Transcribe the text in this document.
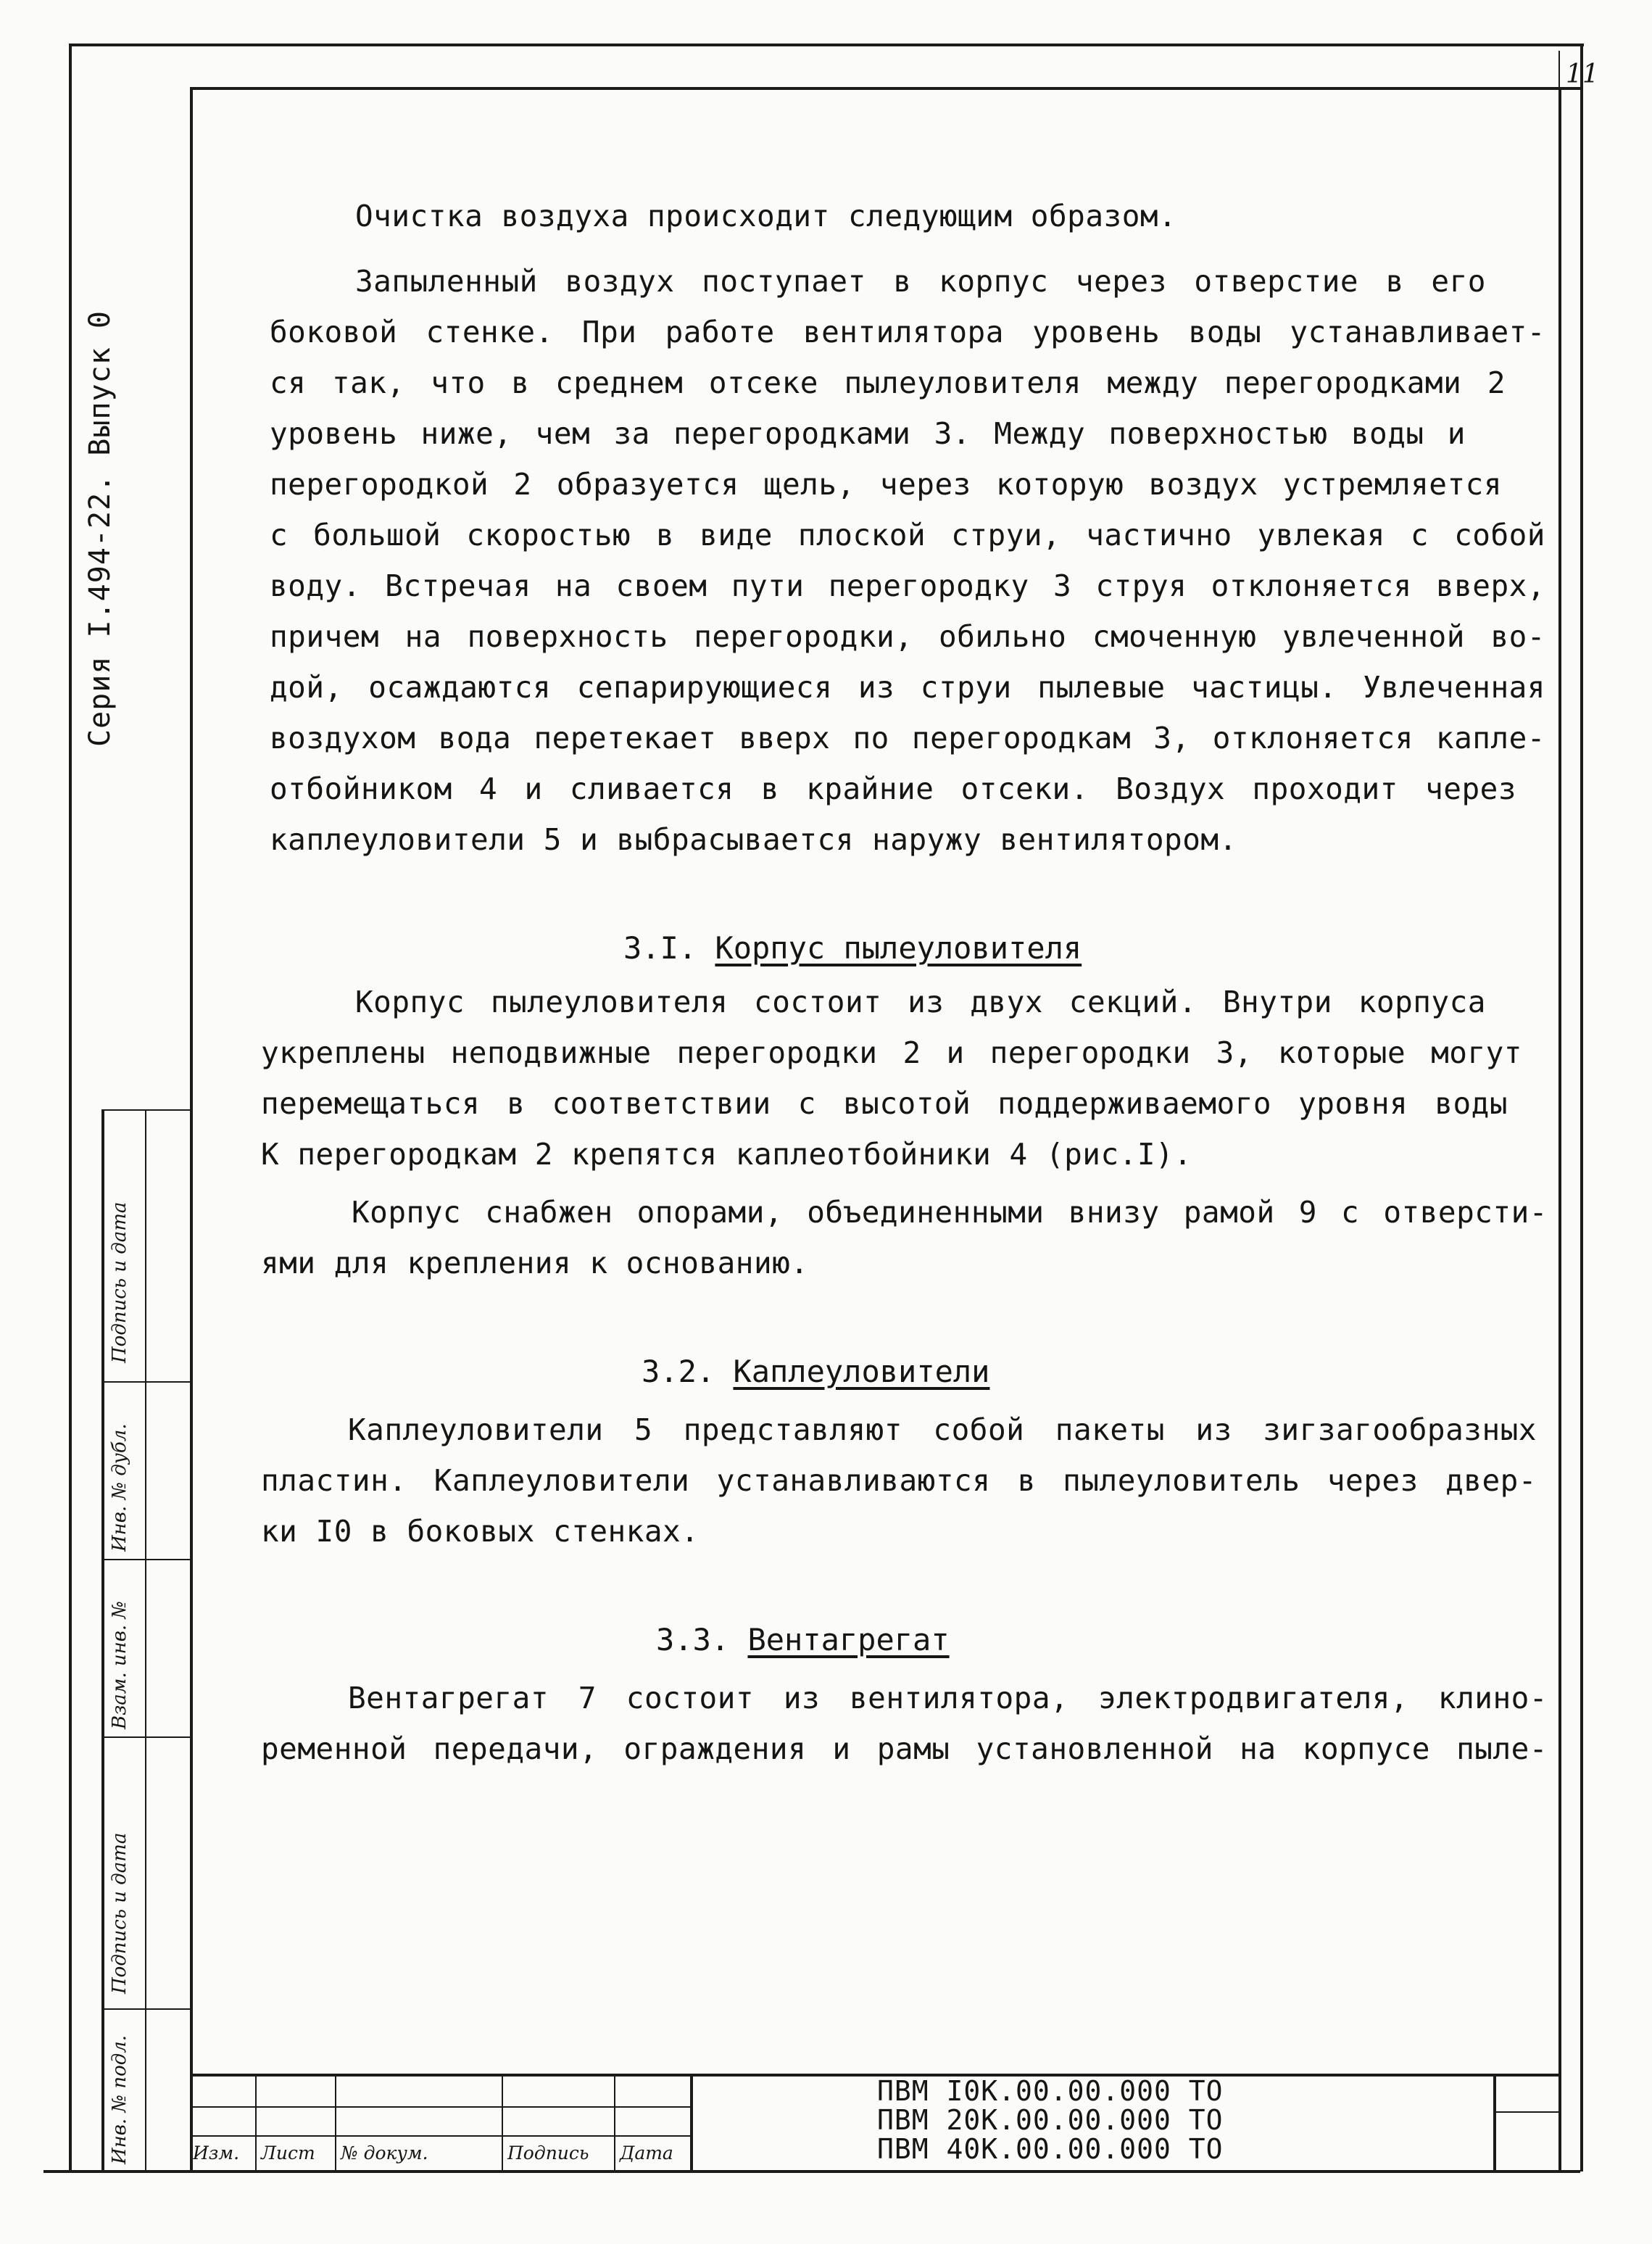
11
Серия I.494-22. Выпуск 0
Подпись и дата
Инв. № дубл.
Взам. инв. №
Подпись и дата
Инв. № подл.
Очистка воздуха происходит следующим образом.
Запыленный воздух поступает в корпус через отверстие в его
боковой стенке. При работе вентилятора уровень воды устанавливает-
ся так, что в среднем отсеке пылеуловителя между перегородками 2
уровень ниже, чем за перегородками 3. Между поверхностью воды и
перегородкой 2 образуется щель, через которую воздух устремляется
с большой скоростью в виде плоской струи, частично увлекая с собой
воду. Встречая на своем пути перегородку 3 струя отклоняется вверх,
причем на поверхность перегородки, обильно смоченную увлеченной во-
дой, осаждаются сепарирующиеся из струи пылевые частицы. Увлеченная
воздухом вода перетекает вверх по перегородкам 3, отклоняется капле-
отбойником 4 и сливается в крайние отсеки. Воздух проходит через
каплеуловители 5 и выбрасывается наружу вентилятором.
3.I. Корпус пылеуловителя
Корпус пылеуловителя состоит из двух секций. Внутри корпуса
укреплены неподвижные перегородки 2 и перегородки 3, которые могут
перемещаться в соответствии с высотой поддерживаемого уровня воды
К перегородкам 2 крепятся каплеотбойники 4 (рис.I).
Корпус снабжен опорами, объединенными внизу рамой 9 с отверсти-
ями для крепления к основанию.
3.2. Каплеуловители
Каплеуловители 5 представляют собой пакеты из зигзагообразных
пластин. Каплеуловители устанавливаются в пылеуловитель через двер-
ки I0 в боковых стенках.
3.3. Вентагрегат
Вентагрегат 7 состоит из вентилятора, электродвигателя, клино-
ременной передачи, ограждения и рамы установленной на корпусе пыле-
Изм. Лист № докум.	Подпись Дата
ПВМ I0К.00.00.000 ТО
ПВМ 20К.00.00.000 ТО
ПВМ 40К.00.00.000 ТО
